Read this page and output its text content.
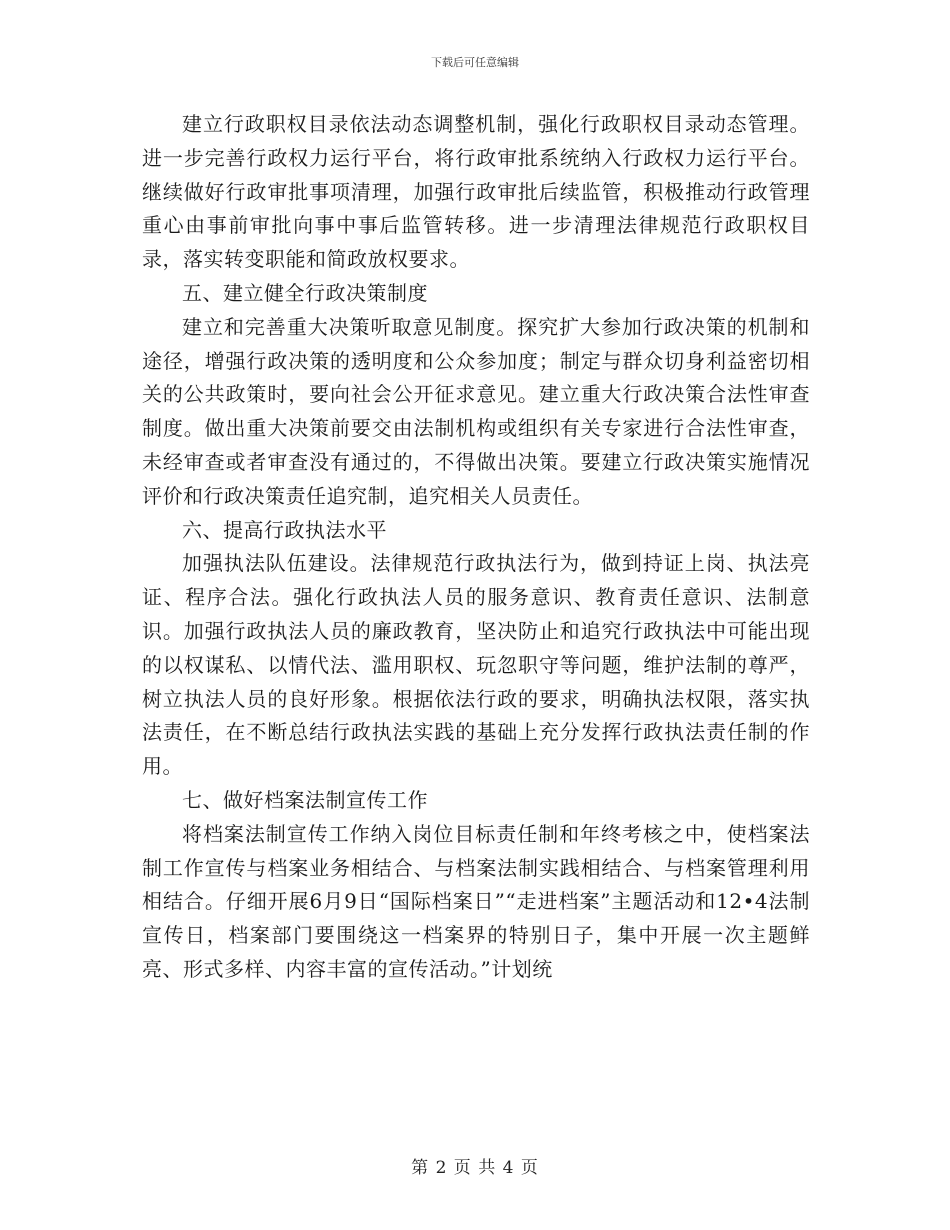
下载后可任意编辑

建立行政职权目录依法动态调整机制，强化行政职权目录动态管理。进一步完善行政权力运行平台，将行政审批系统纳入行政权力运行平台。继续做好行政审批事项清理，加强行政审批后续监管，积极推动行政管理重心由事前审批向事中事后监管转移。进一步清理法律规范行政职权目录，落实转变职能和简政放权要求。

五、建立健全行政决策制度

建立和完善重大决策听取意见制度。探究扩大参加行政决策的机制和途径，增强行政决策的透明度和公众参加度；制定与群众切身利益密切相关的公共政策时，要向社会公开征求意见。建立重大行政决策合法性审查制度。做出重大决策前要交由法制机构或组织有关专家进行合法性审查，未经审查或者审查没有通过的，不得做出决策。要建立行政决策实施情况评价和行政决策责任追究制，追究相关人员责任。

六、提高行政执法水平

加强执法队伍建设。法律规范行政执法行为，做到持证上岗、执法亮证、程序合法。强化行政执法人员的服务意识、教育责任意识、法制意识。加强行政执法人员的廉政教育，坚决防止和追究行政执法中可能出现的以权谋私、以情代法、滥用职权、玩忽职守等问题，维护法制的尊严，树立执法人员的良好形象。根据依法行政的要求，明确执法权限，落实执法责任，在不断总结行政执法实践的基础上充分发挥行政执法责任制的作用。

七、做好档案法制宣传工作

将档案法制宣传工作纳入岗位目标责任制和年终考核之中，使档案法制工作宣传与档案业务相结合、与档案法制实践相结合、与档案管理利用相结合。仔细开展6月9日“国际档案日”“走进档案”主题活动和12•4法制宣传日，档案部门要围绕这一档案界的特别日子，集中开展一次主题鲜亮、形式多样、内容丰富的宣传活动。”计划统

第 2 页 共 4 页
